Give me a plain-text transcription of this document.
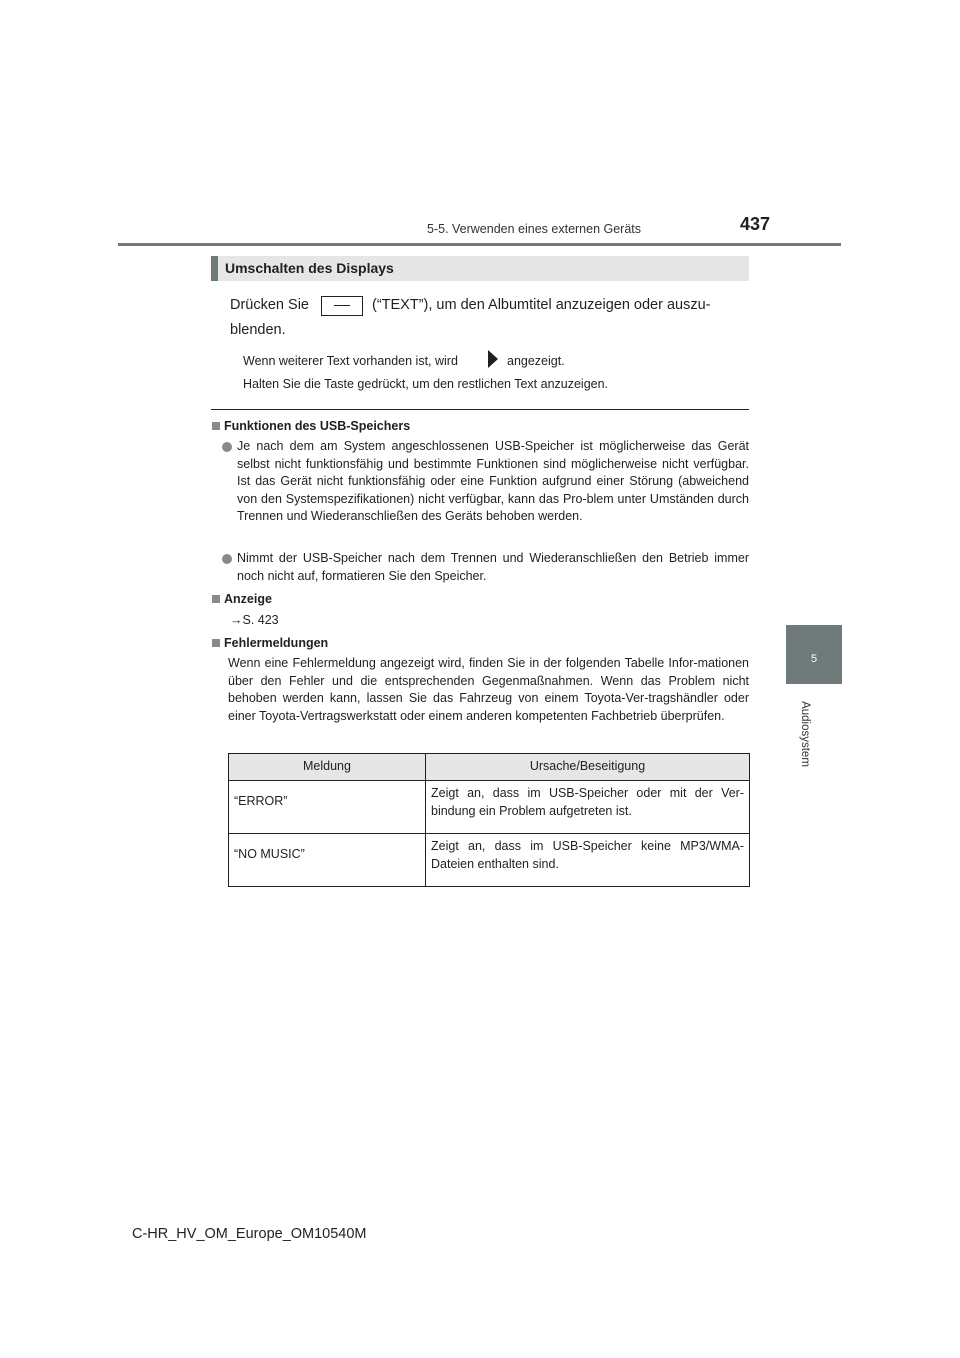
5-5. Verwenden eines externen Geräts	437
5
Audiosystem
Umschalten des Displays
Drücken Sie	(“TEXT”), um den Albumtitel anzuzeigen oder auszu-
blenden.
Wenn weiterer Text vorhanden ist, wird	angezeigt.
Halten Sie die Taste gedrückt, um den restlichen Text anzuzeigen.
Funktionen des USB-Speichers

Je nach dem am System angeschlossenen USB-Speicher ist möglicherweise das Gerät selbst nicht funktionsfähig und bestimmte Funktionen sind möglicherweise nicht verfügbar. Ist das Gerät nicht funktionsfähig oder eine Funktion aufgrund einer Störung (abweichend von den Systemspezifikationen) nicht verfügbar, kann das Pro-blem unter Umständen durch Trennen und Wiederanschließen des Geräts behoben werden.

Nimmt der USB-Speicher nach dem Trennen und Wiederanschließen den Betrieb immer noch nicht auf, formatieren Sie den Speicher.

Anzeige
→S. 423
Fehlermeldungen

Wenn eine Fehlermeldung angezeigt wird, finden Sie in der folgenden Tabelle Infor-mationen über den Fehler und die entsprechenden Gegenmaßnahmen. Wenn das Problem nicht behoben werden kann, lassen Sie das Fahrzeug von einem Toyota-Ver-tragshändler oder einer Toyota-Vertragswerkstatt oder einem anderen kompetenten Fachbetrieb überprüfen.

Meldung	Ursache/Beseitigung
“ERROR”	Zeigt an, dass im USB-Speicher oder mit der Ver-bindung ein Problem aufgetreten ist.
“NO MUSIC”	Zeigt an, dass im USB-Speicher keine MP3/WMA-Dateien enthalten sind.
C-HR_HV_OM_Europe_OM10540M
